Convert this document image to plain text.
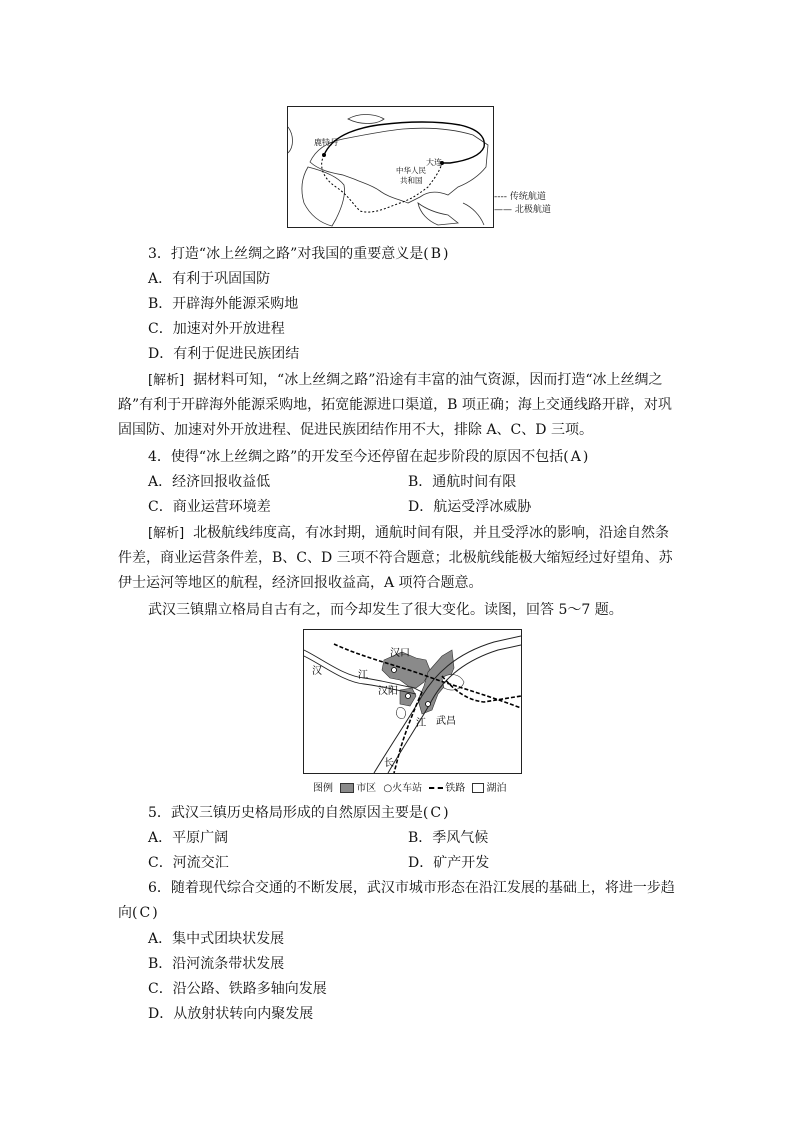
鹿特丹
大连
中华人民
共和国
---- 传统航道
—— 北极航道
3．打造“冰上丝绸之路”对我国的重要意义是( B )
A．有利于巩固国防
B．开辟海外能源采购地
C．加速对外开放进程
D．有利于促进民族团结
[解析] 据材料可知，“冰上丝绸之路”沿途有丰富的油气资源，因而打造“冰上丝绸之路”有利于开辟海外能源采购地，拓宽能源进口渠道，B 项正确；海上交通线路开辟，对巩固国防、加速对外开放进程、促进民族团结作用不大，排除 A、C、D 三项。
4．使得“冰上丝绸之路”的开发至今还停留在起步阶段的原因不包括( A )
A．经济回报收益低	B．通航时间有限
C．商业运营环境差	D．航运受浮冰威胁
[解析] 北极航线纬度高，有冰封期，通航时间有限，并且受浮冰的影响，沿途自然条件差，商业运营条件差，B、C、D 三项不符合题意；北极航线能极大缩短经过好望角、苏伊士运河等地区的航程，经济回报收益高，A 项符合题意。
武汉三镇鼎立格局自古有之，而今却发生了很大变化。读图，回答 5～7 题。
汉口
汉阳
武昌
汉	江
江
长
图例 市区 ○火车站 铁路 湖泊
5．武汉三镇历史格局形成的自然原因主要是( C )
A．平原广阔	B．季风气候
C．河流交汇	D．矿产开发
6．随着现代综合交通的不断发展，武汉市城市形态在沿江发展的基础上，将进一步趋
向( C )
A．集中式团块状发展
B．沿河流条带状发展
C．沿公路、铁路多轴向发展
D．从放射状转向内聚发展
